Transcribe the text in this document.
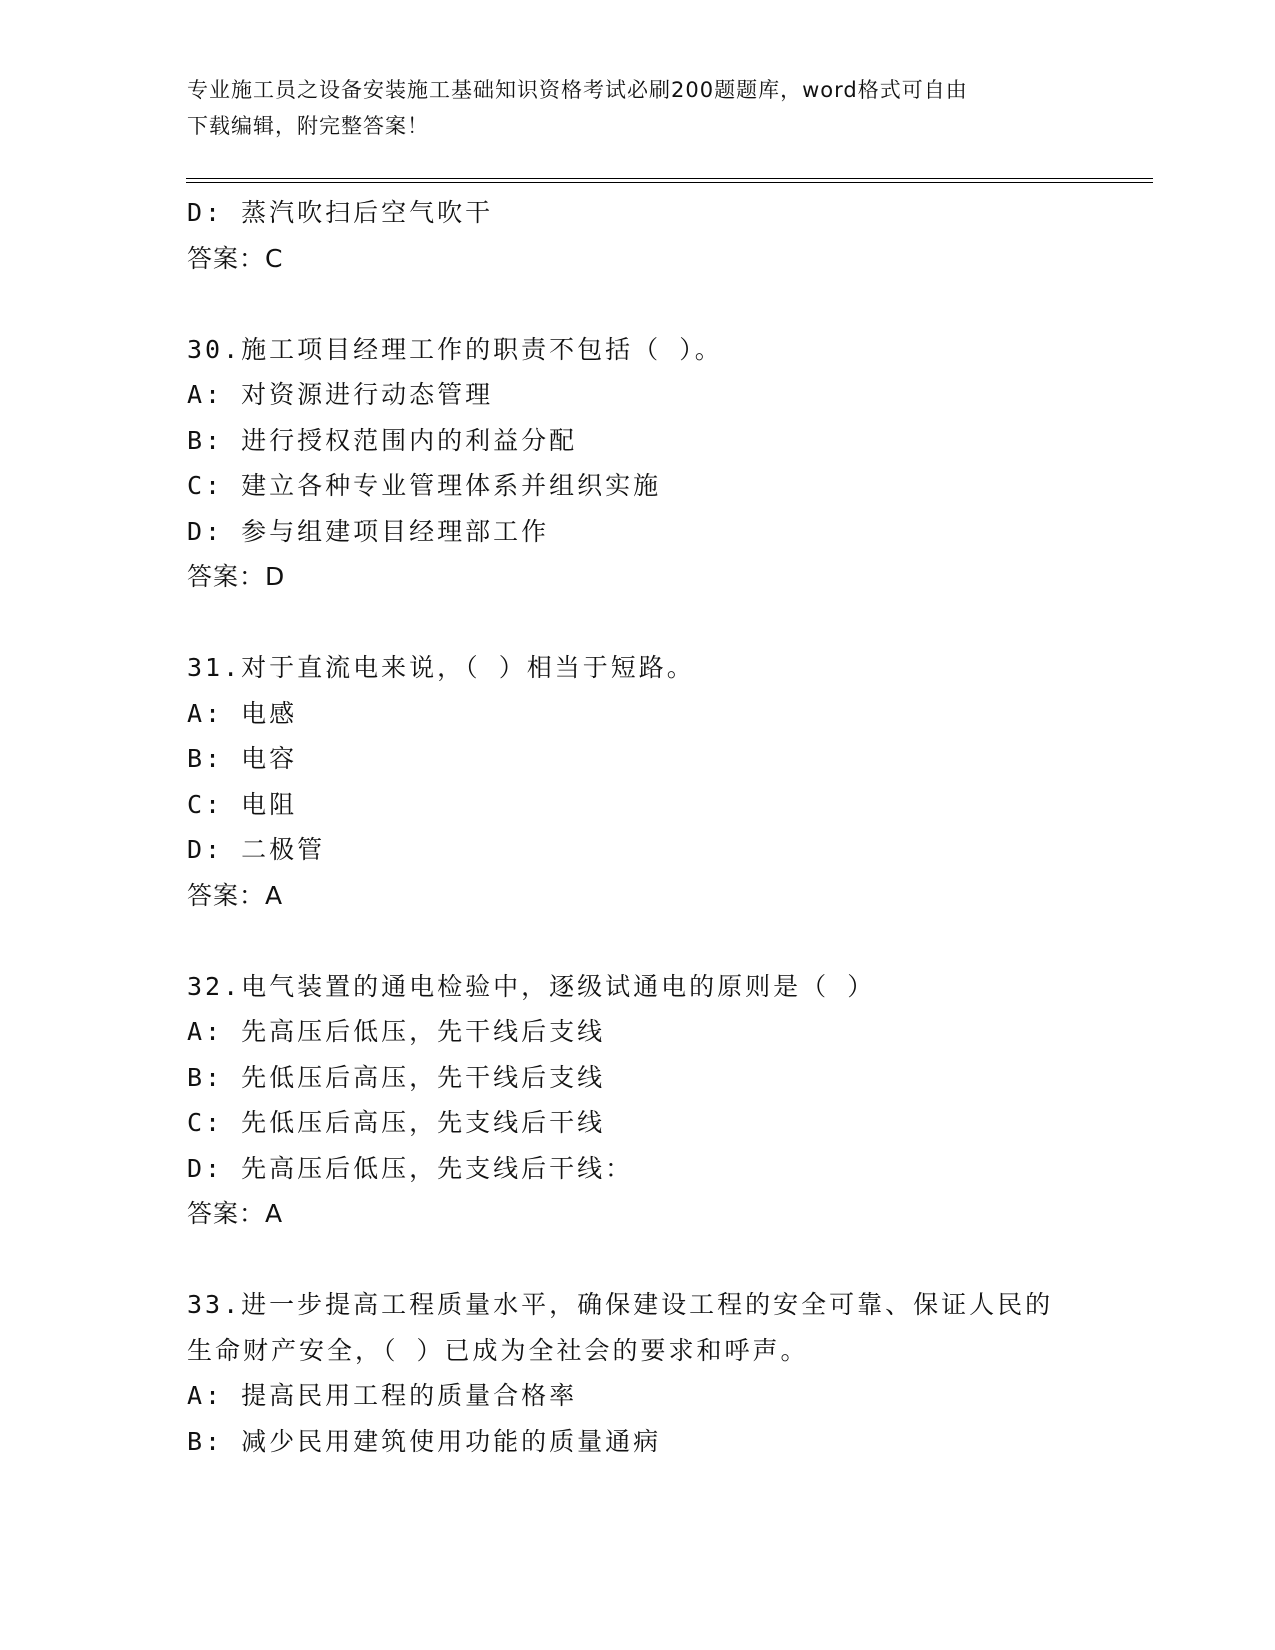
专业施工员之设备安装施工基础知识资格考试必刷200题题库，word格式可自由
下载编辑，附完整答案！
D: 蒸汽吹扫后空气吹干
答案：C
30.施工项目经理工作的职责不包括（ ）。
A: 对资源进行动态管理
B: 进行授权范围内的利益分配
C: 建立各种专业管理体系并组织实施
D: 参与组建项目经理部工作
答案：D
31.对于直流电来说，（ ）相当于短路。
A: 电感
B: 电容
C: 电阻
D: 二极管
答案：A
32.电气装置的通电检验中，逐级试通电的原则是（ ）
A: 先高压后低压，先干线后支线
B: 先低压后高压，先干线后支线
C: 先低压后高压，先支线后干线
D: 先高压后低压，先支线后干线：
答案：A
33.进一步提高工程质量水平，确保建设工程的安全可靠、保证人民的
生命财产安全，（ ）已成为全社会的要求和呼声。
A: 提高民用工程的质量合格率
B: 减少民用建筑使用功能的质量通病
